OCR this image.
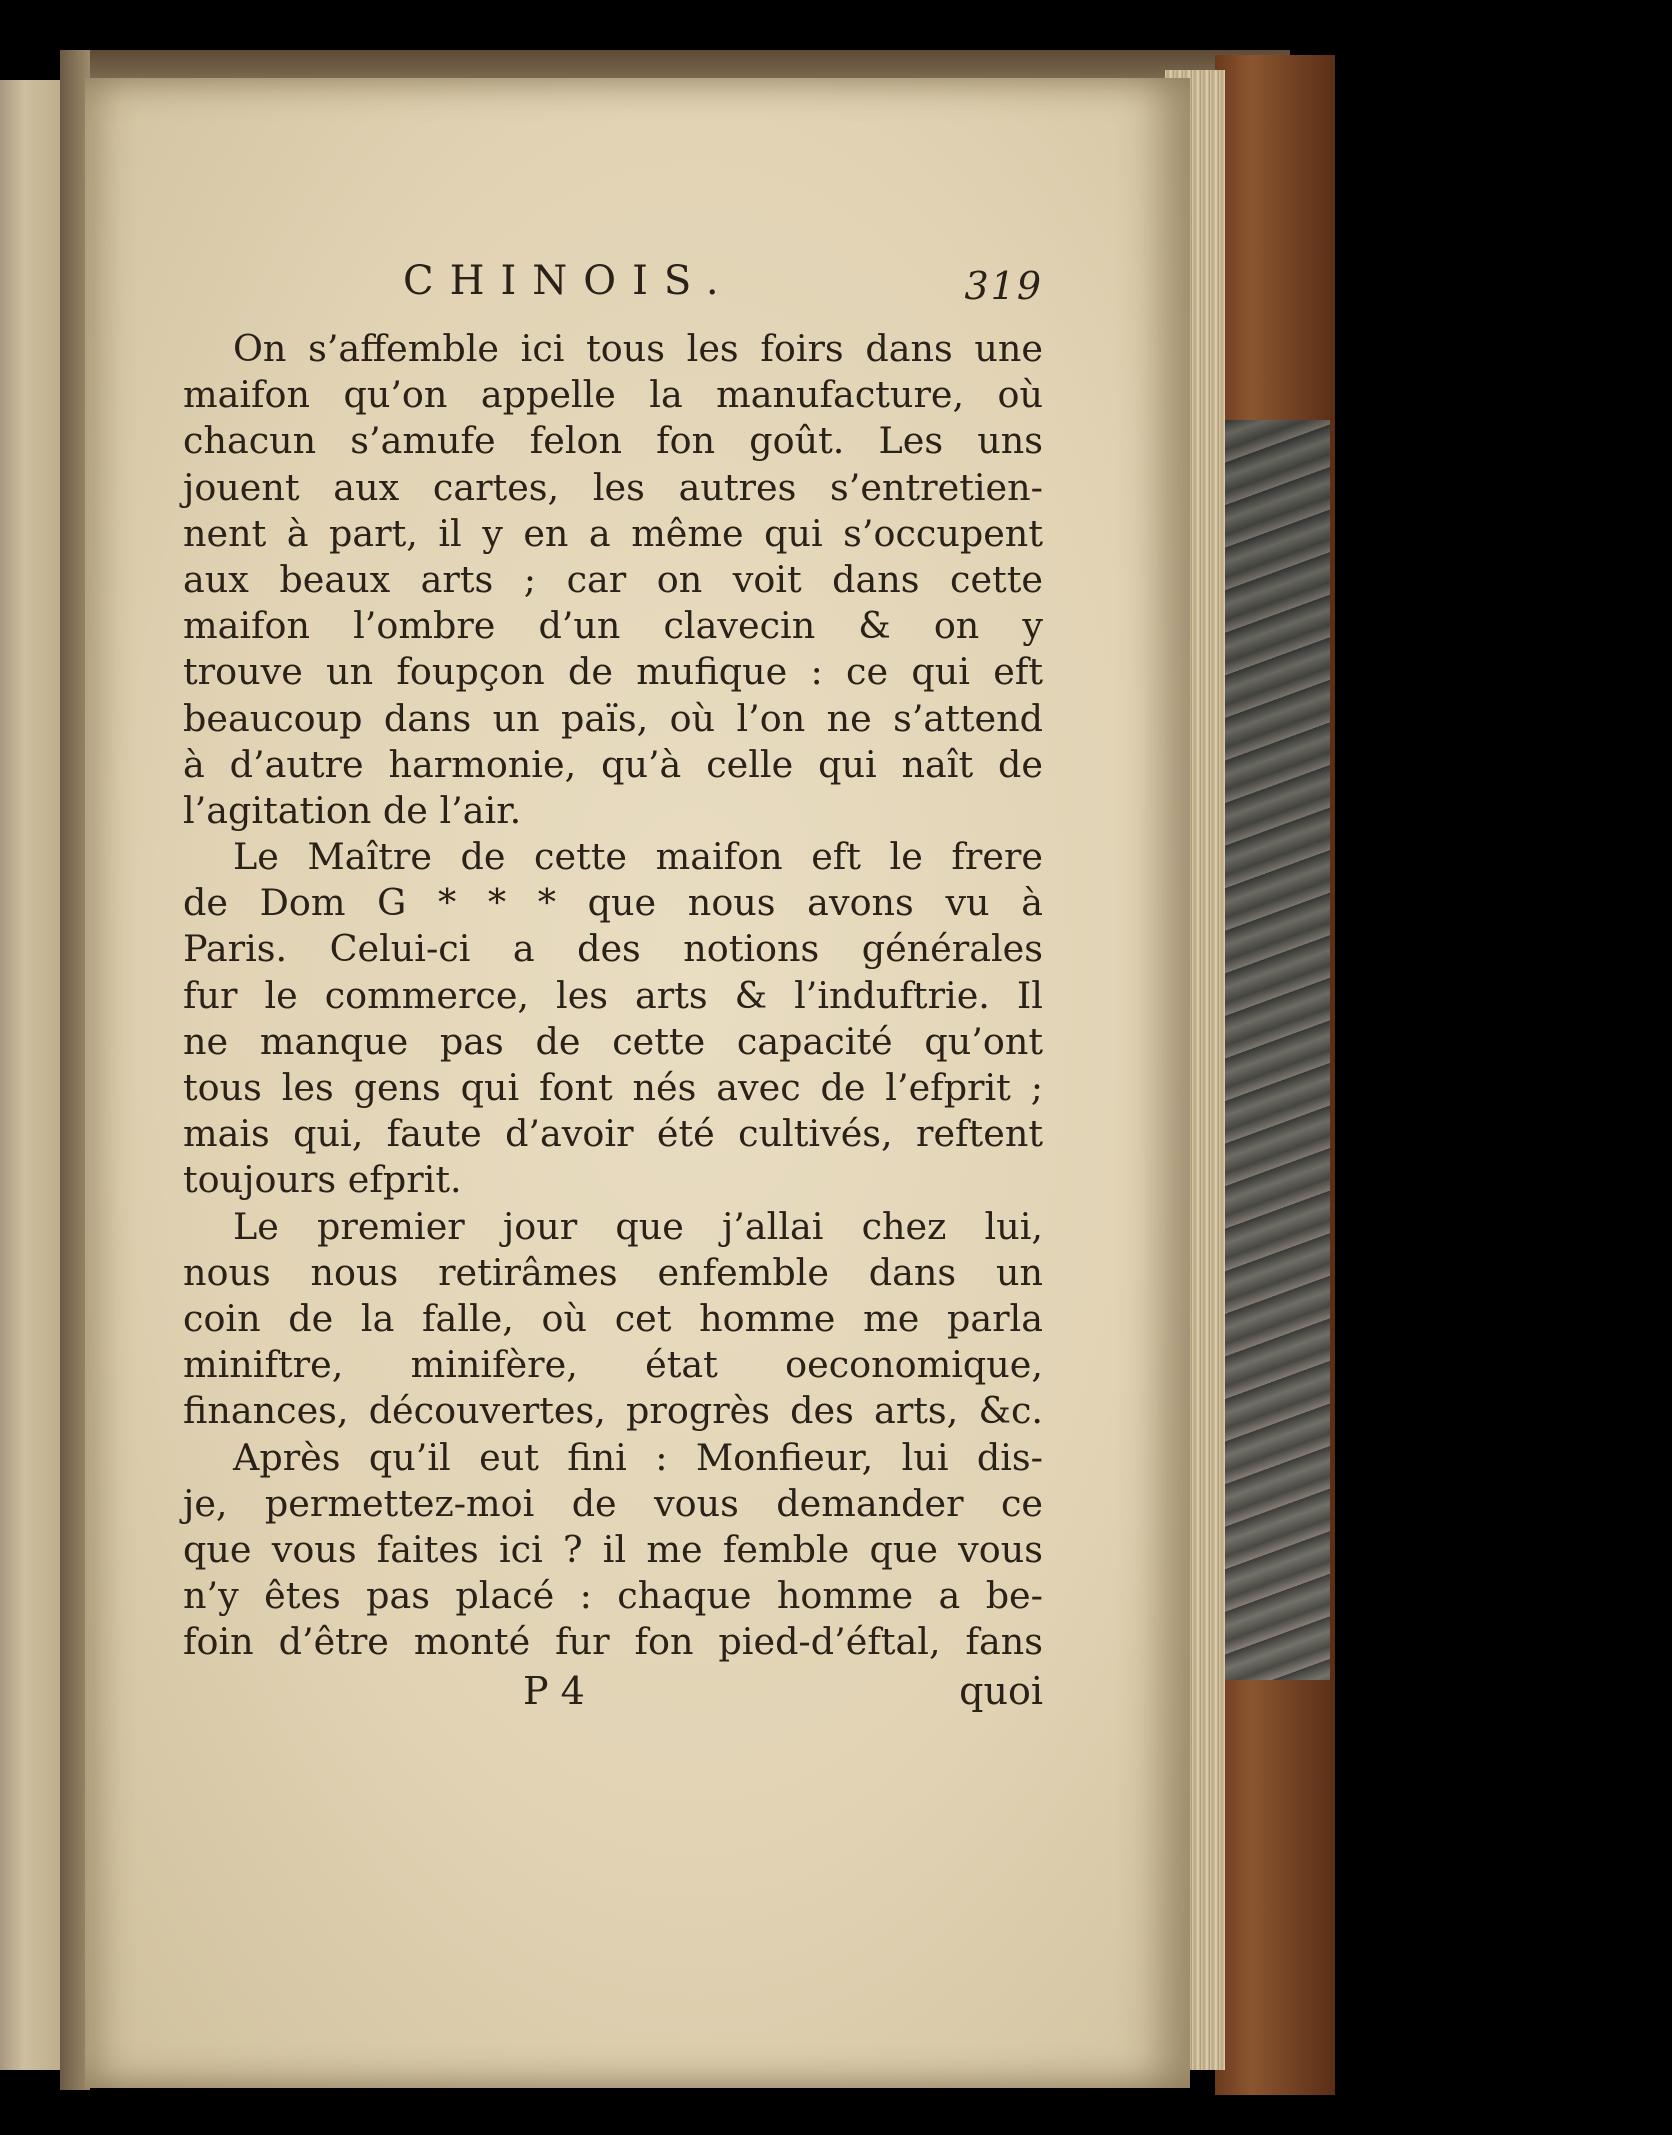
CHINOIS.	319
On s’affemble ici tous les foirs dans une
maifon qu’on appelle la manufacture, où
chacun s’amufe felon fon goût. Les uns
jouent aux cartes, les autres s’entretien-
nent à part, il y en a même qui s’occupent
aux beaux arts ; car on voit dans cette
maifon l’ombre d’un clavecin & on y
trouve un foupçon de mufique : ce qui eft
beaucoup dans un païs, où l’on ne s’attend
à d’autre harmonie, qu’à celle qui naît de
l’agitation de l’air.
Le Maître de cette maifon eft le frere
de Dom G * * * que nous avons vu à
Paris. Celui-ci a des notions générales
fur le commerce, les arts & l’induftrie. Il
ne manque pas de cette capacité qu’ont
tous les gens qui font nés avec de l’efprit ;
mais qui, faute d’avoir été cultivés, reftent
toujours efprit.
Le premier jour que j’allai chez lui,
nous nous retirâmes enfemble dans un
coin de la falle, où cet homme me parla
miniftre, minifère, état oeconomique,
finances, découvertes, progrès des arts, &c.
Après qu’il eut fini : Monfieur, lui dis-
je, permettez-moi de vous demander ce
que vous faites ici ? il me femble que vous
n’y êtes pas placé : chaque homme a be-
foin d’être monté fur fon pied-d’éftal, fans
P 4	quoi
